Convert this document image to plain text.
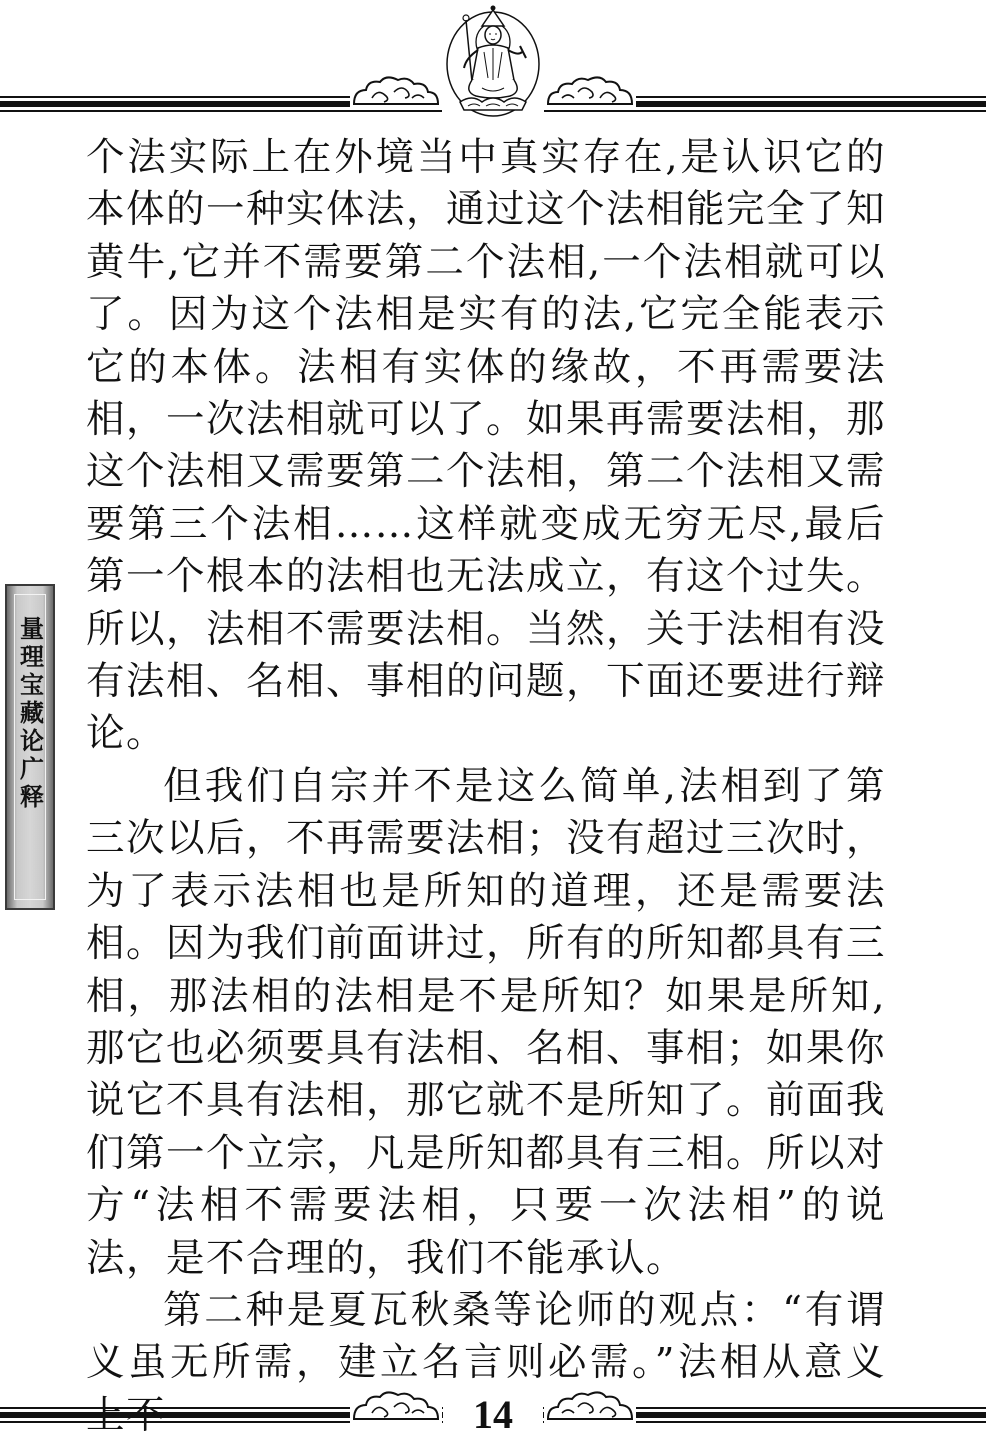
量理宝藏论广释

个法实际上在外境当中真实存在,是认识它的本体的一种实体法，通过这个法相能完全了知黄牛,它并不需要第二个法相,一个法相就可以了。因为这个法相是实有的法,它完全能表示它的本体。法相有实体的缘故，不再需要法相，一次法相就可以了。如果再需要法相，那这个法相又需要第二个法相，第二个法相又需要第三个法相……这样就变成无穷无尽,最后第一个根本的法相也无法成立，有这个过失。所以，法相不需要法相。当然，关于法相有没有法相、名相、事相的问题，下面还要进行辩论。

但我们自宗并不是这么简单,法相到了第三次以后，不再需要法相；没有超过三次时，为了表示法相也是所知的道理，还是需要法相。因为我们前面讲过，所有的所知都具有三相，那法相的法相是不是所知？如果是所知,那它也必须要具有法相、名相、事相；如果你说它不具有法相，那它就不是所知了。前面我们第一个立宗，凡是所知都具有三相。所以对方“法相不需要法相，只要一次法相”的说法，是不合理的，我们不能承认。

第二种是夏瓦秋桑等论师的观点：“有谓义虽无所需，建立名言则必需。”法相从意义

14
